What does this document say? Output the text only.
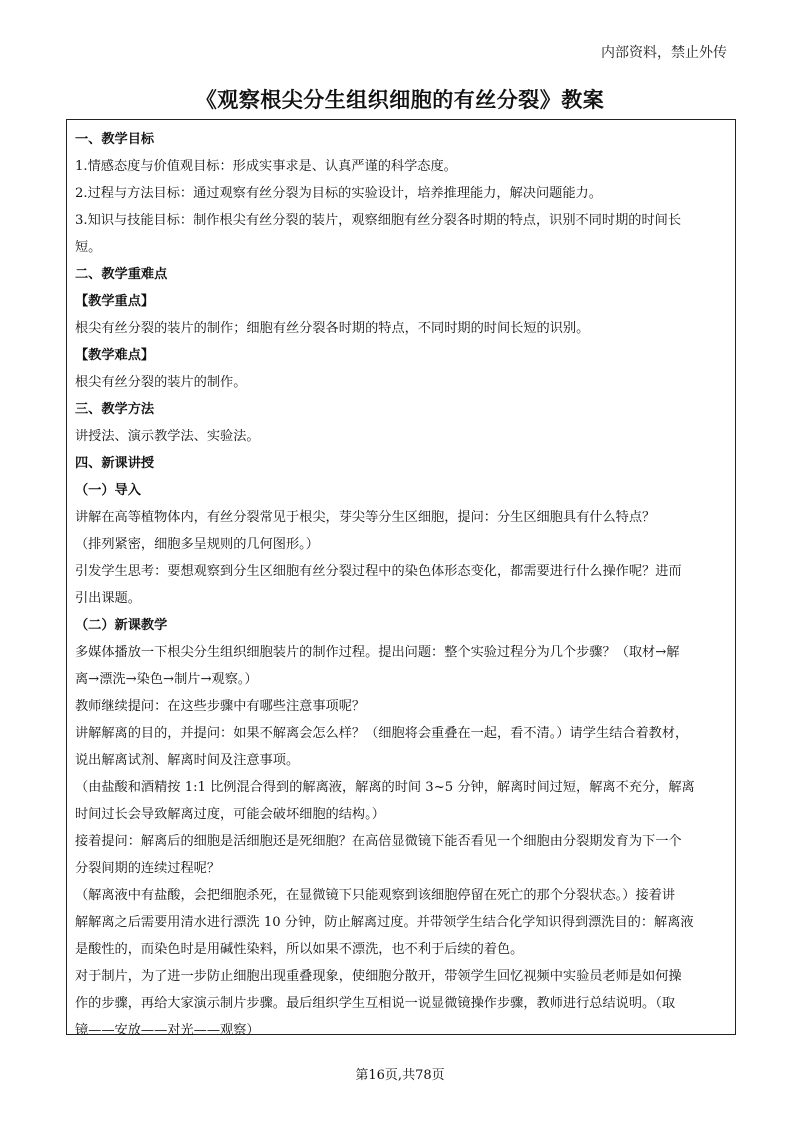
内部资料，禁止外传
《观察根尖分生组织细胞的有丝分裂》教案
一、教学目标
1.情感态度与价值观目标：形成实事求是、认真严谨的科学态度。
2.过程与方法目标：通过观察有丝分裂为目标的实验设计，培养推理能力，解决问题能力。
3.知识与技能目标：制作根尖有丝分裂的装片，观察细胞有丝分裂各时期的特点，识别不同时期的时间长
短。
二、教学重难点
【教学重点】
根尖有丝分裂的装片的制作；细胞有丝分裂各时期的特点，不同时期的时间长短的识别。
【教学难点】
根尖有丝分裂的装片的制作。
三、教学方法
讲授法、演示教学法、实验法。
四、新课讲授
（一）导入
讲解在高等植物体内，有丝分裂常见于根尖，芽尖等分生区细胞，提问：分生区细胞具有什么特点？
（排列紧密，细胞多呈规则的几何图形。）
引发学生思考：要想观察到分生区细胞有丝分裂过程中的染色体形态变化，都需要进行什么操作呢？进而
引出课题。
（二）新课教学
多媒体播放一下根尖分生组织细胞装片的制作过程。提出问题：整个实验过程分为几个步骤？（取材→解
离→漂洗→染色→制片→观察。）
教师继续提问：在这些步骤中有哪些注意事项呢？
讲解解离的目的，并提问：如果不解离会怎么样？（细胞将会重叠在一起，看不清。）请学生结合着教材，
说出解离试剂、解离时间及注意事项。
（由盐酸和酒精按 1:1 比例混合得到的解离液，解离的时间 3~5 分钟，解离时间过短，解离不充分，解离
时间过长会导致解离过度，可能会破坏细胞的结构。）
接着提问：解离后的细胞是活细胞还是死细胞？在高倍显微镜下能否看见一个细胞由分裂期发育为下一个
分裂间期的连续过程呢？
（解离液中有盐酸，会把细胞杀死，在显微镜下只能观察到该细胞停留在死亡的那个分裂状态。）接着讲
解解离之后需要用清水进行漂洗 10 分钟，防止解离过度。并带领学生结合化学知识得到漂洗目的：解离液
是酸性的，而染色时是用碱性染料，所以如果不漂洗，也不利于后续的着色。
对于制片，为了进一步防止细胞出现重叠现象，使细胞分散开，带领学生回忆视频中实验员老师是如何操
作的步骤，再给大家演示制片步骤。最后组织学生互相说一说显微镜操作步骤，教师进行总结说明。（取
镜——安放——对光——观察）
第16页,共78页
